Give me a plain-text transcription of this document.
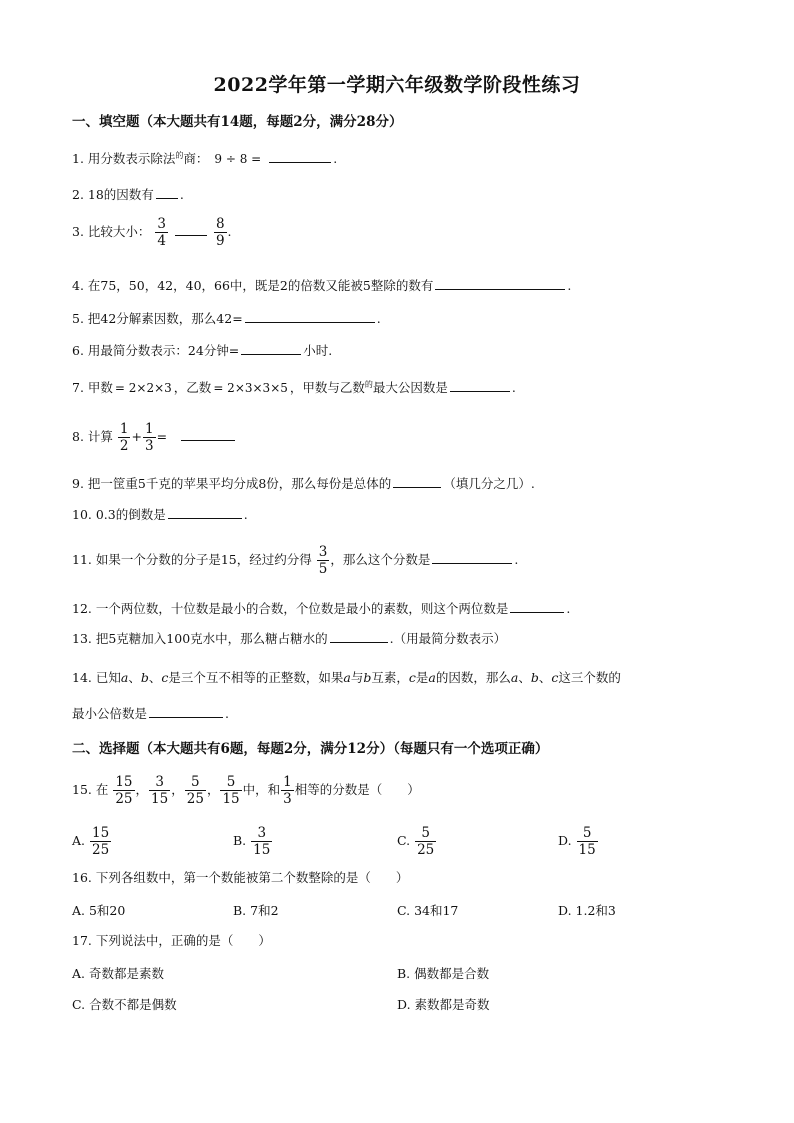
2022学年第一学期六年级数学阶段性练习
一、填空题（本大题共有14题，每题2分，满分28分）
1. 用分数表示除法$^的$商： 9 ÷ 8 =	.
2. 18的因数有 .
3. 比较大小： $\frac{3}{4}$
	$\frac{8}{9}$ .
4. 在75，50，42，40，66中，既是2的倍数又能被5整除的数有	.
5. 把42分解素因数，那么42=	.
6. 用最简分数表示：24分钟=	小时.
7. 甲数 = 2×2×3 ，乙数 = 2×3×3×5 ，甲数与乙数$^的$最大公因数是	.
8. 计算 $\frac{1}{2} + \frac{1}{3}$ =
9. 把一筐重5千克的苹果平均分成8份，那么每份是总体的	（填几分之几）.
10. 0.3的倒数是	.
11. 如果一个分数的分子是15，经过约分得 $\frac{3}{5}$ ，那么这个分数是	.
12. 一个两位数，十位数是最小的合数，个位数是最小的素数，则这个两位数是	.
13. 把5克糖加入100克水中，那么糖占糖水的	.（用最简分数表示）
14. 已知a、b、c是三个互不相等的正整数，如果a与b互素，c是a的因数，那么a、b、c这三个数的
最小公倍数是	.
二、选择题（本大题共有6题，每题2分，满分12分）（每题只有一个选项正确）
15. 在 $\frac{15}{25}$ ， $\frac{3}{15}$ ， $\frac{5}{25}$ ， $\frac{5}{15}$ 中，和 $\frac{1}{3}$ 相等的分数是（　　）
A. $\frac{15}{25}$	B. $\frac{3}{15}$	C. $\frac{5}{25}$	D. $\frac{5}{15}$
16. 下列各组数中，第一个数能被第二个数整除的是（　　）
A. 5和20	B. 7和2	C. 34和17	D. 1.2和3
17. 下列说法中，正确的是（　　）
A. 奇数都是素数	B. 偶数都是合数
C. 合数不都是偶数	D. 素数都是奇数
